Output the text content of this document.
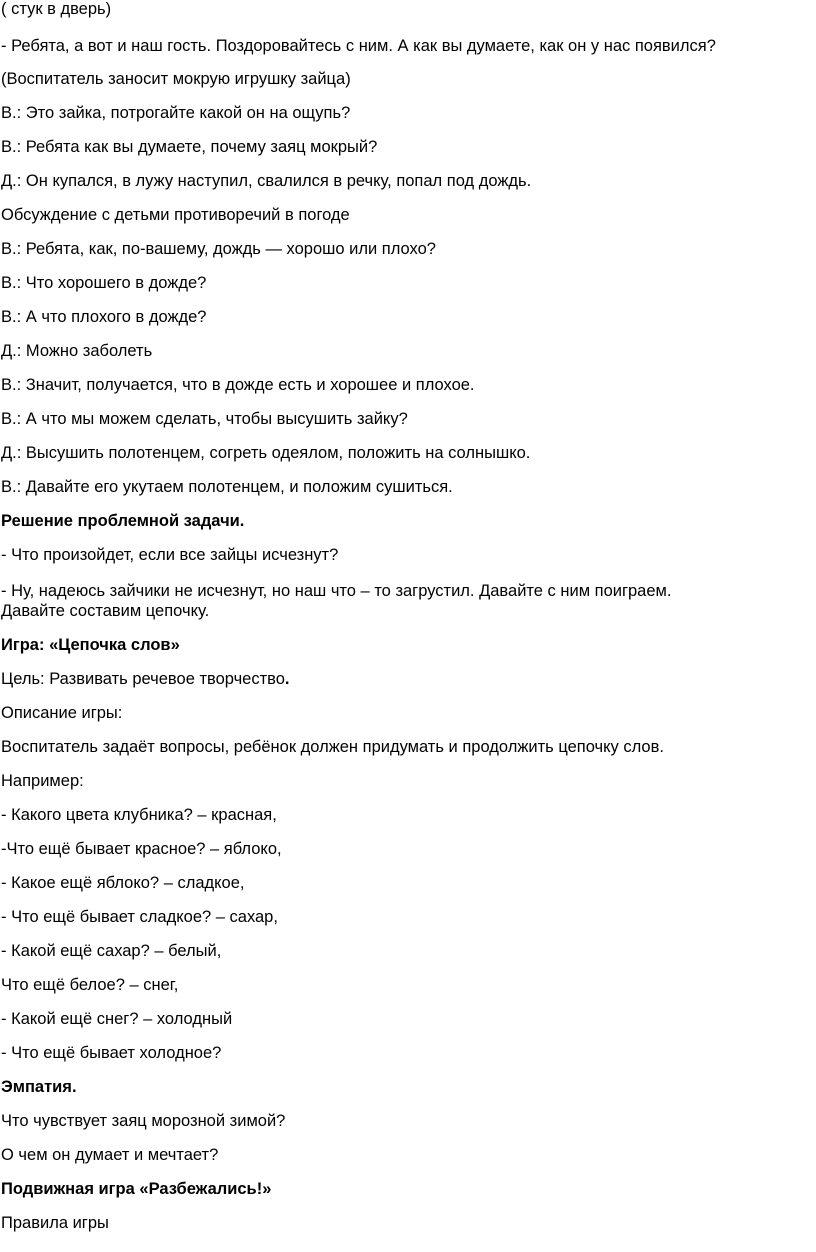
( стук в дверь)
- Ребята, а вот и наш гость. Поздоровайтесь с ним. А как вы думаете, как он у нас появился?
(Воспитатель заносит мокрую игрушку зайца)
В.: Это зайка, потрогайте какой он на ощупь?
В.: Ребята как вы думаете, почему заяц мокрый?
Д.: Он купался, в лужу наступил, свалился в речку, попал под дождь.
Обсуждение с детьми противоречий в погоде
В.: Ребята, как, по-вашему, дождь — хорошо или плохо?
В.: Что хорошего в дожде?
В.: А что плохого в дожде?
Д.: Можно заболеть
В.: Значит, получается, что в дожде есть и хорошее и плохое.
В.: А что мы можем сделать, чтобы высушить зайку?
Д.: Высушить полотенцем, согреть одеялом, положить на солнышко.
В.: Давайте его укутаем полотенцем, и положим сушиться.
Решение проблемной задачи.
- Что произойдет, если все зайцы исчезнут?
- Ну, надеюсь зайчики не исчезнут, но наш что – то загрустил. Давайте с ним поиграем.
Давайте составим цепочку.
Игра: «Цепочка слов»
Цель: Развивать речевое творчество.
Описание игры:
Воспитатель задаёт вопросы, ребёнок должен придумать и продолжить цепочку слов.
Например:
- Какого цвета клубника? – красная,
-Что ещё бывает красное? – яблоко,
- Какое ещё яблоко? – сладкое,
- Что ещё бывает сладкое? – сахар,
- Какой ещё сахар? – белый,
Что ещё белое? – снег,
- Какой ещё снег? – холодный
- Что ещё бывает холодное?
Эмпатия.
Что чувствует заяц морозной зимой?
О чем он думает и мечтает?
Подвижная игра «Разбежались!»
Правила игры
